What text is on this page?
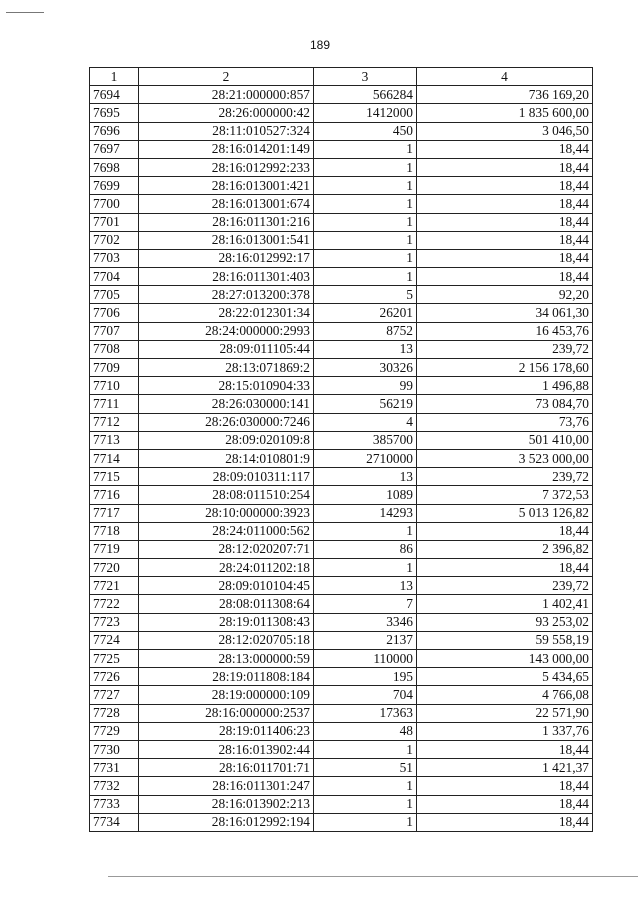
189
1	2	3	4
7694	28:21:000000:857	566284	736 169,20
7695	28:26:000000:42	1412000	1 835 600,00
7696	28:11:010527:324	450	3 046,50
7697	28:16:014201:149	1	18,44
7698	28:16:012992:233	1	18,44
7699	28:16:013001:421	1	18,44
7700	28:16:013001:674	1	18,44
7701	28:16:011301:216	1	18,44
7702	28:16:013001:541	1	18,44
7703	28:16:012992:17	1	18,44
7704	28:16:011301:403	1	18,44
7705	28:27:013200:378	5	92,20
7706	28:22:012301:34	26201	34 061,30
7707	28:24:000000:2993	8752	16 453,76
7708	28:09:011105:44	13	239,72
7709	28:13:071869:2	30326	2 156 178,60
7710	28:15:010904:33	99	1 496,88
7711	28:26:030000:141	56219	73 084,70
7712	28:26:030000:7246	4	73,76
7713	28:09:020109:8	385700	501 410,00
7714	28:14:010801:9	2710000	3 523 000,00
7715	28:09:010311:117	13	239,72
7716	28:08:011510:254	1089	7 372,53
7717	28:10:000000:3923	14293	5 013 126,82
7718	28:24:011000:562	1	18,44
7719	28:12:020207:71	86	2 396,82
7720	28:24:011202:18	1	18,44
7721	28:09:010104:45	13	239,72
7722	28:08:011308:64	7	1 402,41
7723	28:19:011308:43	3346	93 253,02
7724	28:12:020705:18	2137	59 558,19
7725	28:13:000000:59	110000	143 000,00
7726	28:19:011808:184	195	5 434,65
7727	28:19:000000:109	704	4 766,08
7728	28:16:000000:2537	17363	22 571,90
7729	28:19:011406:23	48	1 337,76
7730	28:16:013902:44	1	18,44
7731	28:16:011701:71	51	1 421,37
7732	28:16:011301:247	1	18,44
7733	28:16:013902:213	1	18,44
7734	28:16:012992:194	1	18,44
